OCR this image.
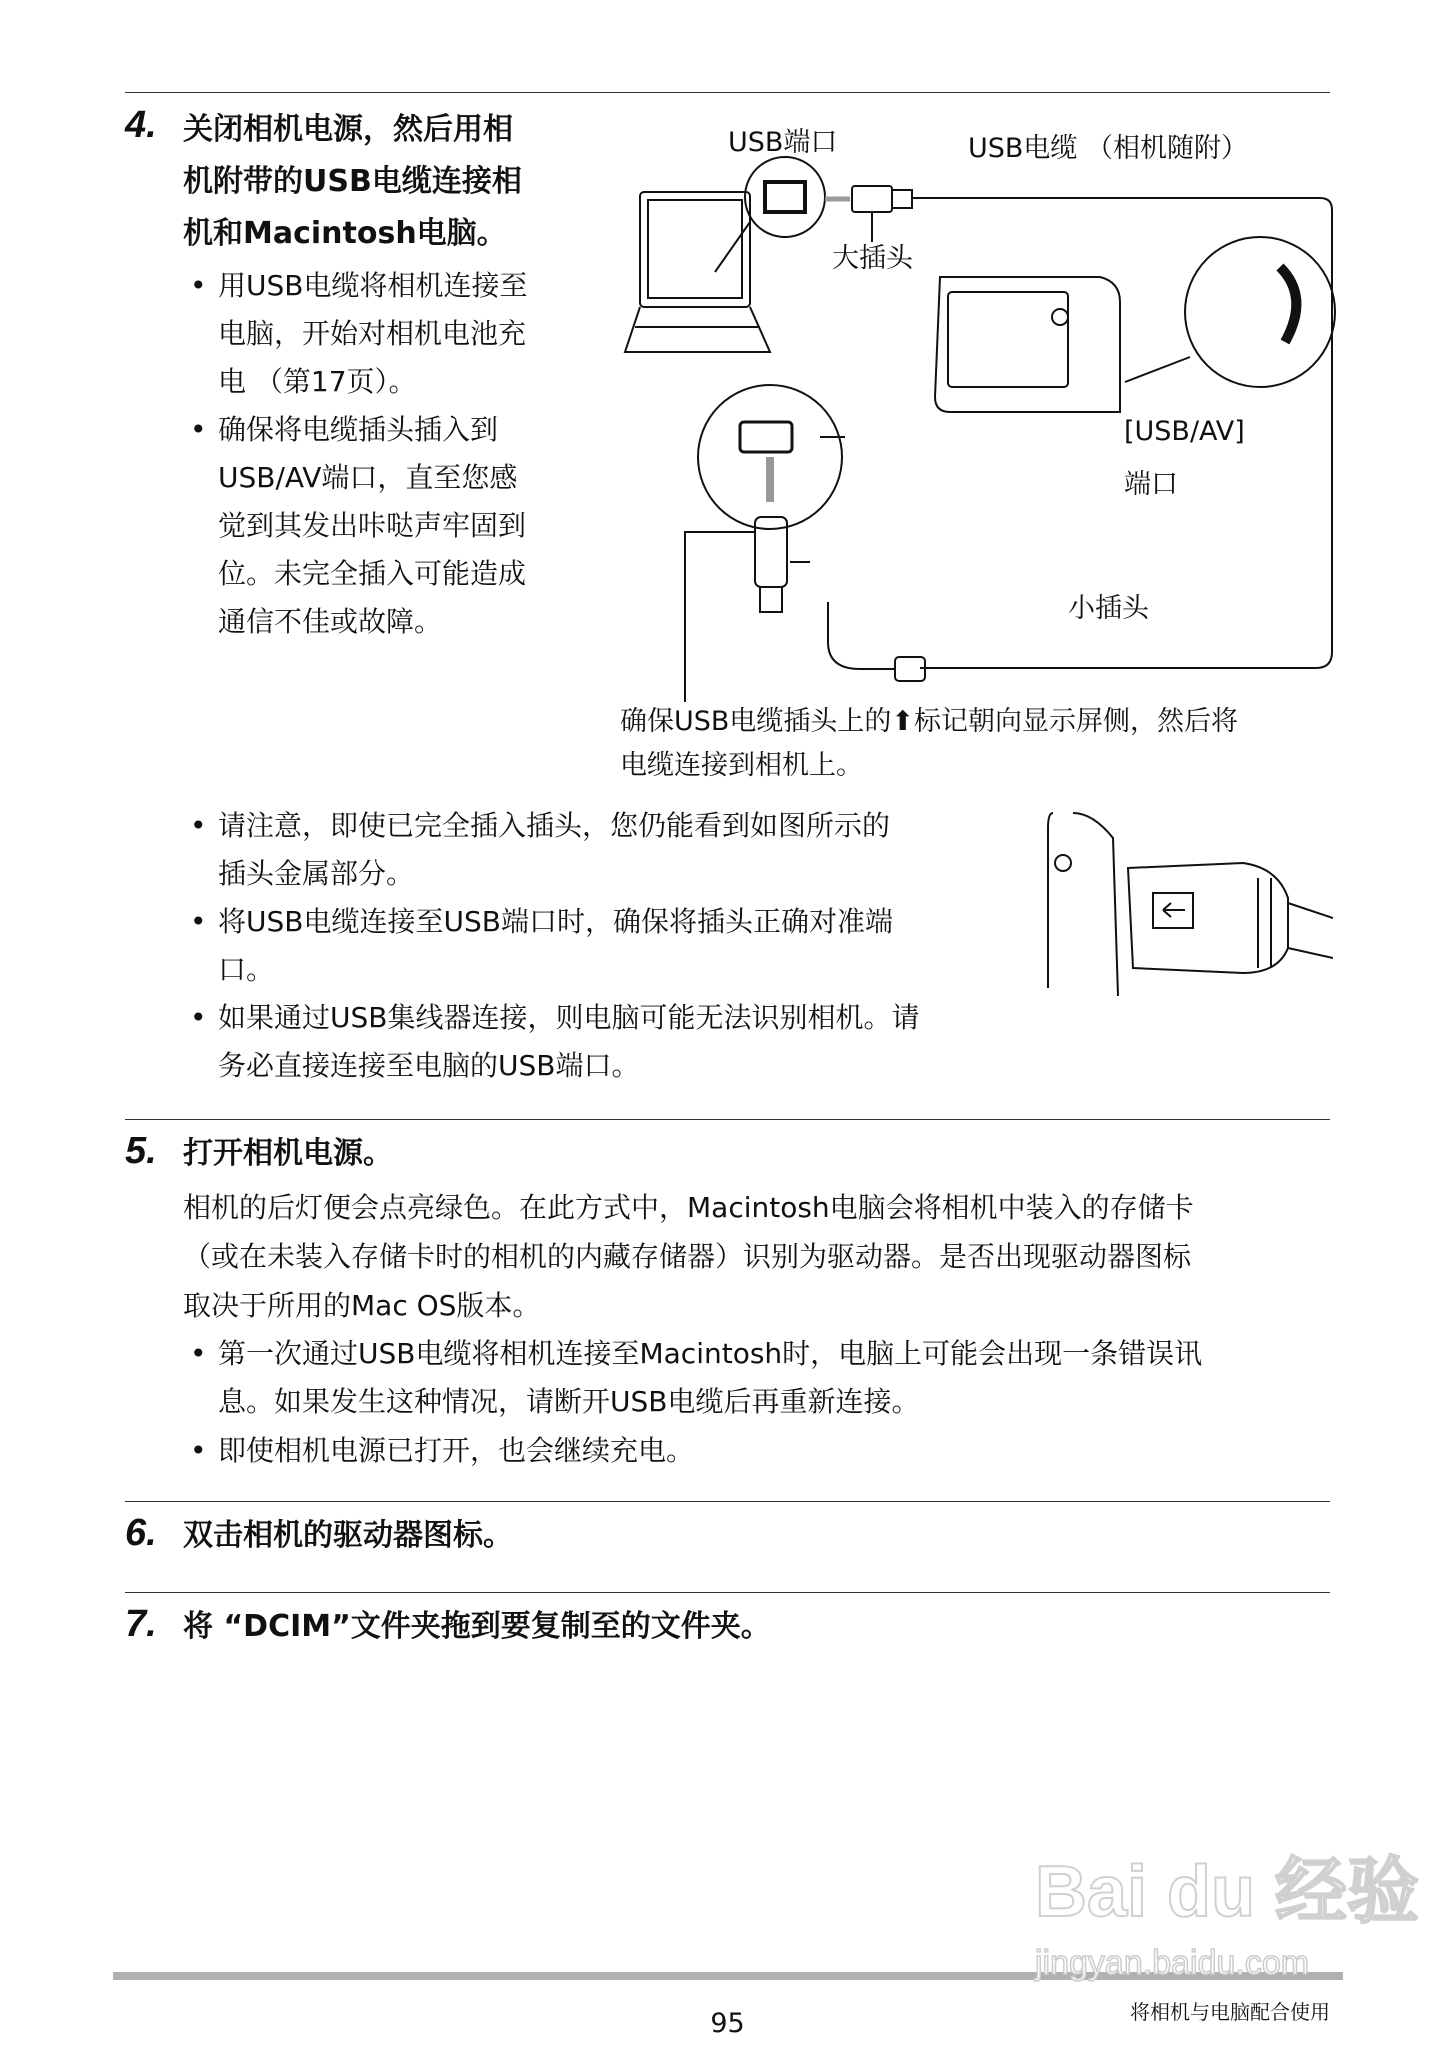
4. 关闭相机电源，然后用相
机附带的USB电缆连接相
机和Macintosh电脑。
• 用USB电缆将相机连接至
电脑，开始对相机电池充
电 （第17页）。
• 确保将电缆插头插入到
USB/AV端口，直至您感
觉到其发出咔哒声牢固到
位。未完全插入可能造成
通信不佳或故障。
USB端口	USB电缆 （相机随附）
大插头
[USB/AV]
端口
小插头
确保USB电缆插头上的⬆标记朝向显示屏侧，然后将
电缆连接到相机上。
• 请注意，即使已完全插入插头，您仍能看到如图所示的
插头金属部分。
• 将USB电缆连接至USB端口时，确保将插头正确对准端
口。
• 如果通过USB集线器连接，则电脑可能无法识别相机。请
务必直接连接至电脑的USB端口。
5. 打开相机电源。
相机的后灯便会点亮绿色。在此方式中，Macintosh电脑会将相机中装入的存储卡
（或在未装入存储卡时的相机的内藏存储器）识别为驱动器。是否出现驱动器图标
取决于所用的Mac OS版本。
• 第一次通过USB电缆将相机连接至Macintosh时，电脑上可能会出现一条错误讯
息。如果发生这种情况，请断开USB电缆后再重新连接。
• 即使相机电源已打开，也会继续充电。
6. 双击相机的驱动器图标。
7. 将 “DCIM”文件夹拖到要复制至的文件夹。
Bai du 经验
jingyan.baidu.com
95	将相机与电脑配合使用
